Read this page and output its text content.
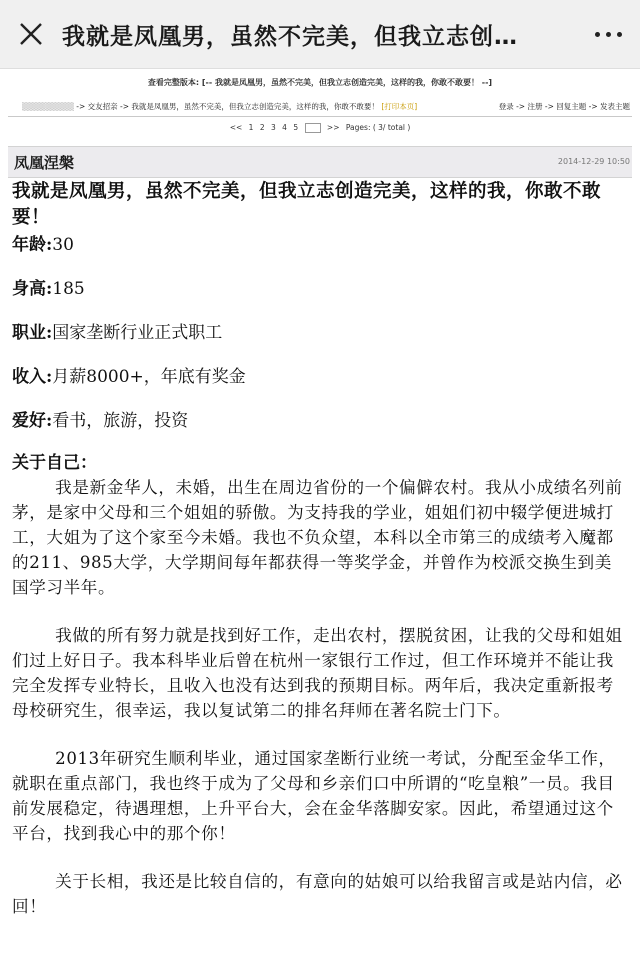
我就是凤凰男，虽然不完美，但我立志创…
查看完整版本: [-- 我就是凤凰男，虽然不完美，但我立志创造完美，这样的我，你敢不敢要！ --]
▒▒▒▒▒▒▒▒▒ -> 交友招亲 -> 我就是凤凰男，虽然不完美，但我立志创造完美，这样的我，你敢不敢要！ [打印本页]	登录 -> 注册 -> 回复主题 -> 发表主题
<< 1 2 3 4 5	>> Pages: ( 3/ total )
凤凰涅槃	2014-12-29 10:50
我就是凤凰男，虽然不完美，但我立志创造完美，这样的我，你敢不敢要！
年龄:30
身高:185
职业:国家垄断行业正式职工
收入:月薪8000+，年底有奖金
爱好:看书，旅游，投资
关于自己：
我是新金华人，未婚，出生在周边省份的一个偏僻农村。我从小成绩名列前茅，是家中父母和三个姐姐的骄傲。为支持我的学业，姐姐们初中辍学便进城打工，大姐为了这个家至今未婚。我也不负众望，本科以全市第三的成绩考入魔都的211、985大学，大学期间每年都获得一等奖学金，并曾作为校派交换生到美国学习半年。
我做的所有努力就是找到好工作，走出农村，摆脱贫困，让我的父母和姐姐们过上好日子。我本科毕业后曾在杭州一家银行工作过，但工作环境并不能让我完全发挥专业特长，且收入也没有达到我的预期目标。两年后，我决定重新报考母校研究生，很幸运，我以复试第二的排名拜师在著名院士门下。
2013年研究生顺利毕业，通过国家垄断行业统一考试，分配至金华工作，就职在重点部门，我也终于成为了父母和乡亲们口中所谓的“吃皇粮”一员。我目前发展稳定，待遇理想，上升平台大，会在金华落脚安家。因此，希望通过这个平台，找到我心中的那个你！
关于长相，我还是比较自信的，有意向的姑娘可以给我留言或是站内信，必回！
